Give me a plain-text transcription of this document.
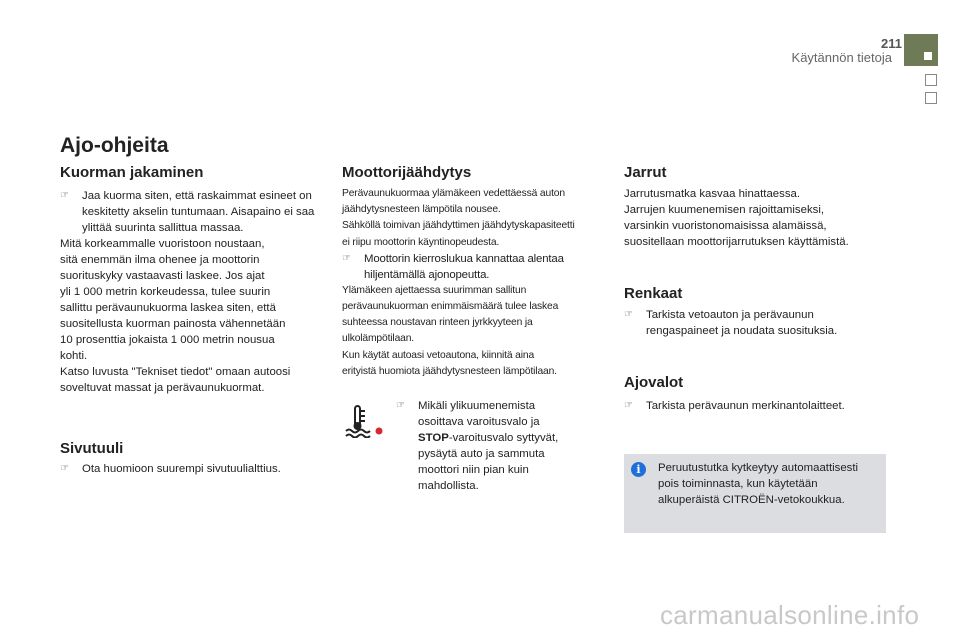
211
Käytännön tietoja
Ajo-ohjeita
Kuorman jakaminen
☞ Jaa kuorma siten, että raskaimmat esineet on keskitetty akselin tuntumaan. Aisapaino ei saa ylittää suurinta sallittua massaa.
Mitä korkeammalle vuoristoon noustaan,
sitä enemmän ilma ohenee ja moottorin
suorituskyky vastaavasti laskee. Jos ajat
yli 1 000 metrin korkeudessa, tulee suurin
sallittu perävaunukuorma laskea siten, että
suositellusta kuorman painosta vähennetään
10 prosenttia jokaista 1 000 metrin nousua
kohti.
Katso luvusta "Tekniset tiedot" omaan autoosi
soveltuvat massat ja perävaunukuormat.
Sivutuuli
☞ Ota huomioon suurempi sivutuulialttius.
Moottorijäähdytys
Perävaunukuormaa ylämäkeen vedettäessä auton
jäähdytysnesteen lämpötila nousee.
Sähköllä toimivan jäähdyttimen jäähdytyskapasiteetti
ei riipu moottorin käyntinopeudesta.
☞ Moottorin kierroslukua kannattaa alentaa hiljentämällä ajonopeutta.
Ylämäkeen ajettaessa suurimman sallitun
perävaunukuorman enimmäismäärä tulee laskea
suhteessa noustavan rinteen jyrkkyyteen ja
ulkolämpötilaan.
Kun käytät autoasi vetoautona, kiinnitä aina
erityistä huomiota jäähdytysnesteen lämpötilaan.
☞ Mikäli ylikuumenemista osoittava varoitusvalo ja STOP-varoitusvalo syttyvät, pysäytä auto ja sammuta moottori niin pian kuin mahdollista.
Jarrut
Jarrutusmatka kasvaa hinattaessa.
Jarrujen kuumenemisen rajoittamiseksi,
varsinkin vuoristonomaisissa alamäissä,
suositellaan moottorijarrutuksen käyttämistä.
Renkaat
☞ Tarkista vetoauton ja perävaunun rengaspaineet ja noudata suosituksia.
Ajovalot
☞ Tarkista perävaunun merkinantolaitteet.
i	Peruutustutka kytkeytyy automaattisesti
pois toiminnasta, kun käytetään
alkuperäistä CITROËN-vetokoukkua.
carmanualsonline.info
